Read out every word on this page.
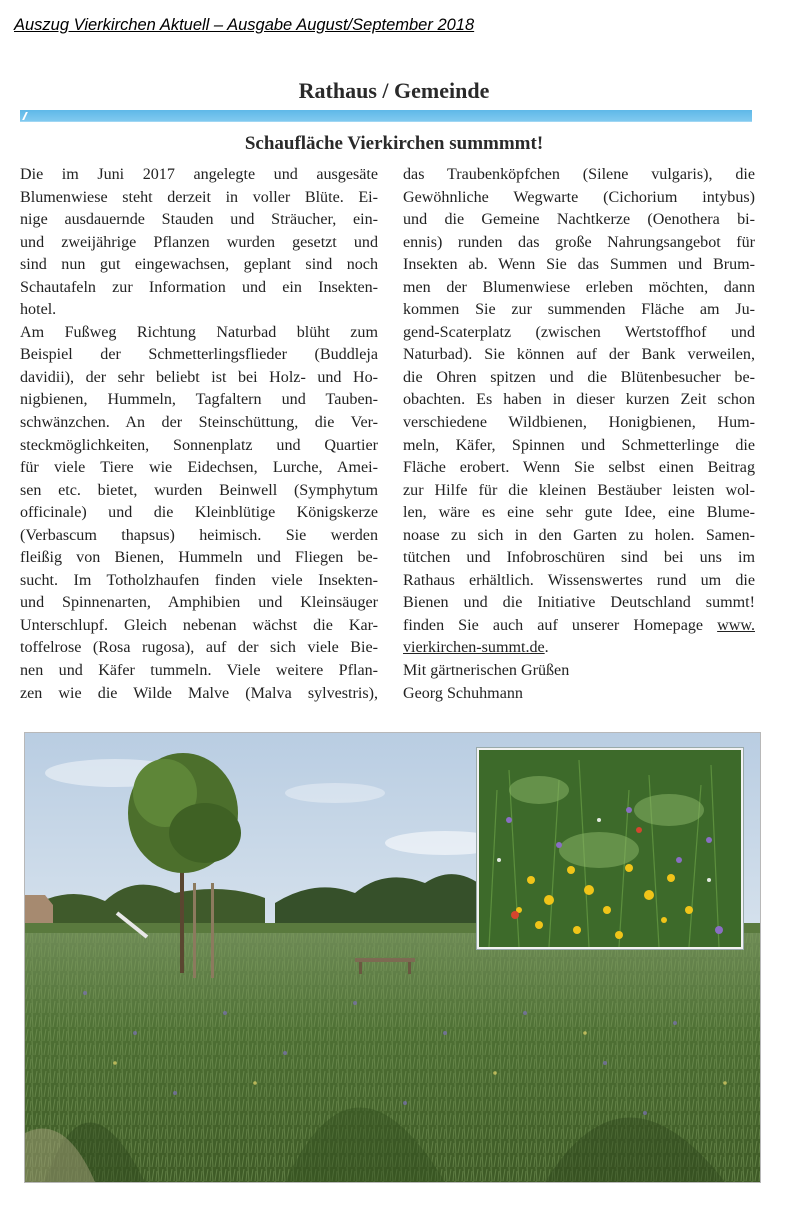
Auszug Vierkirchen Aktuell – Ausgabe August/September 2018
Rathaus / Gemeinde
Schaufläche Vierkirchen summmmt!
Die im Juni 2017 angelegte und ausgesäte
Blumenwiese steht derzeit in voller Blüte. Ei-
nige ausdauernde Stauden und Sträucher, ein-
und zweijährige Pflanzen wurden gesetzt und
sind nun gut eingewachsen, geplant sind noch
Schautafeln zur Information und ein Insekten-
hotel.
Am Fußweg Richtung Naturbad blüht zum
Beispiel der Schmetterlingsflieder (Buddleja
davidii), der sehr beliebt ist bei Holz- und Ho-
nigbienen, Hummeln, Tagfaltern und Tauben-
schwänzchen. An der Steinschüttung, die Ver-
steckmöglichkeiten, Sonnenplatz und Quartier
für viele Tiere wie Eidechsen, Lurche, Amei-
sen etc. bietet, wurden Beinwell (Symphytum
officinale) und die Kleinblütige Königskerze
(Verbascum thapsus) heimisch. Sie werden
fleißig von Bienen, Hummeln und Fliegen be-
sucht. Im Totholzhaufen finden viele Insekten-
und Spinnenarten, Amphibien und Kleinsäuger
Unterschlupf. Gleich nebenan wächst die Kar-
toffelrose (Rosa rugosa), auf der sich viele Bie-
nen und Käfer tummeln. Viele weitere Pflan-
zen wie die Wilde Malve (Malva sylvestris),
das Traubenköpfchen (Silene vulgaris), die
Gewöhnliche Wegwarte (Cichorium intybus)
und die Gemeine Nachtkerze (Oenothera bi-
ennis) runden das große Nahrungsangebot für
Insekten ab. Wenn Sie das Summen und Brum-
men der Blumenwiese erleben möchten, dann
kommen Sie zur summenden Fläche am Ju-
gend-Scaterplatz (zwischen Wertstoffhof und
Naturbad). Sie können auf der Bank verweilen,
die Ohren spitzen und die Blütenbesucher be-
obachten. Es haben in dieser kurzen Zeit schon
verschiedene Wildbienen, Honigbienen, Hum-
meln, Käfer, Spinnen und Schmetterlinge die
Fläche erobert. Wenn Sie selbst einen Beitrag
zur Hilfe für die kleinen Bestäuber leisten wol-
len, wäre es eine sehr gute Idee, eine Blume-
noase zu sich in den Garten zu holen. Samen-
tütchen und Infobroschüren sind bei uns im
Rathaus erhältlich. Wissenswertes rund um die
Bienen und die Initiative Deutschland summt!
finden Sie auch auf unserer Homepage www.
vierkirchen-summt.de.
Mit gärtnerischen Grüßen
Georg Schuhmann
